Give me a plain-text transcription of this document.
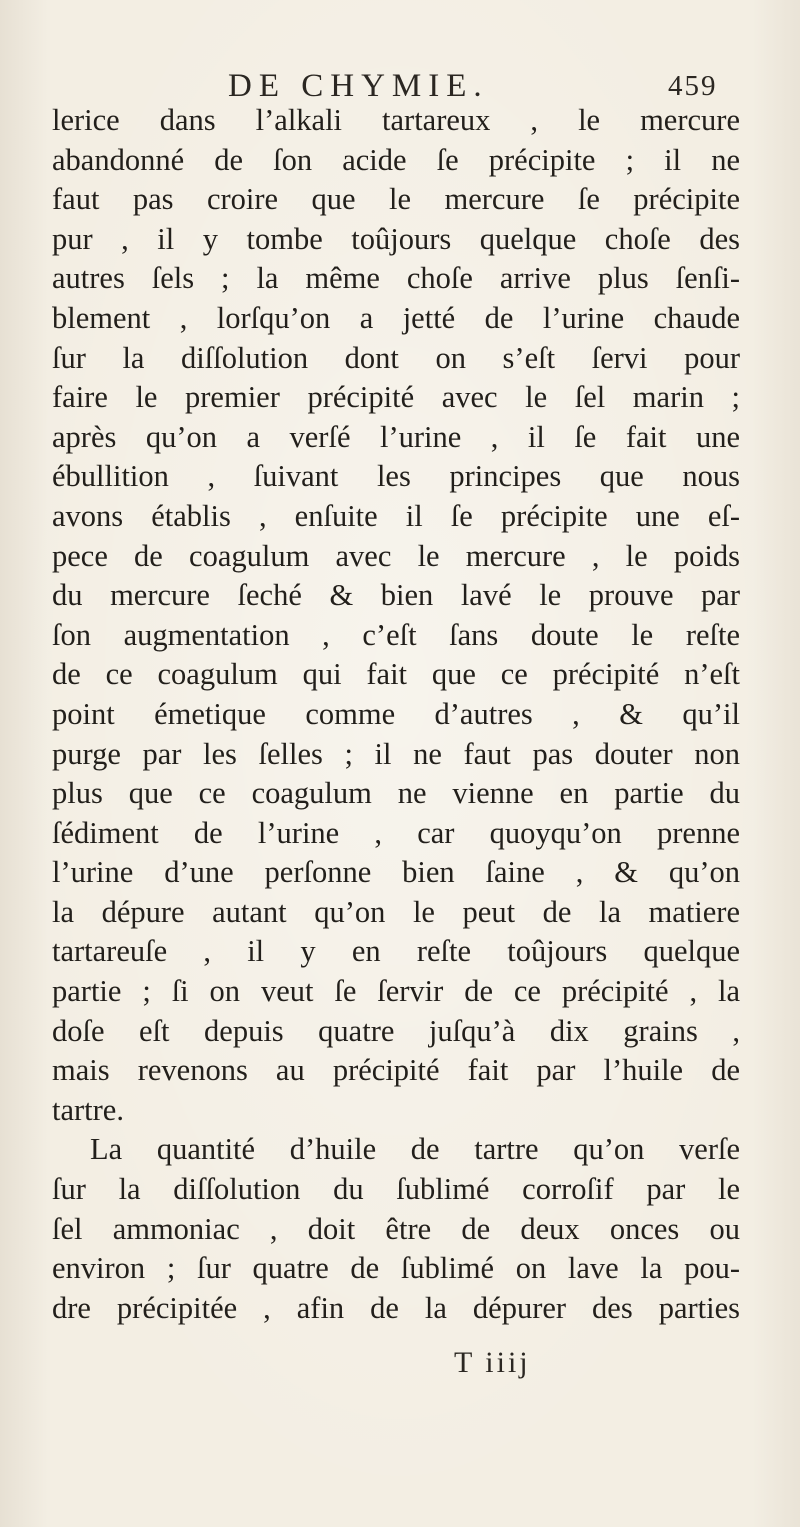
DE CHYMIE.	459
lerice dans l’alkali tartareux , le mercure
abandonné de ſon acide ſe précipite ; il ne
faut pas croire que le mercure ſe précipite
pur , il y tombe toûjours quelque choſe des
autres ſels ; la même choſe arrive plus ſenſi-
blement , lorſqu’on a jetté de l’urine chaude
ſur la diſſolution dont on s’eſt ſervi pour
faire le premier précipité avec le ſel marin ;
après qu’on a verſé l’urine , il ſe fait une
ébullition , ſuivant les principes que nous
avons établis , enſuite il ſe précipite une eſ-
pece de coagulum avec le mercure , le poids
du mercure ſeché & bien lavé le prouve par
ſon augmentation , c’eſt ſans doute le reſte
de ce coagulum qui fait que ce précipité n’eſt
point émetique comme d’autres , & qu’il
purge par les ſelles ; il ne faut pas douter non
plus que ce coagulum ne vienne en partie du
ſédiment de l’urine , car quoyqu’on prenne
l’urine d’une perſonne bien ſaine , & qu’on
la dépure autant qu’on le peut de la matiere
tartareuſe , il y en reſte toûjours quelque
partie ; ſi on veut ſe ſervir de ce précipité , la
doſe eſt depuis quatre juſqu’à dix grains ,
mais revenons au précipité fait par l’huile de
tartre.
La quantité d’huile de tartre qu’on verſe
ſur la diſſolution du ſublimé corroſif par le
ſel ammoniac , doit être de deux onces ou
environ ; ſur quatre de ſublimé on lave la pou-
dre précipitée , afin de la dépurer des parties
T iiij
